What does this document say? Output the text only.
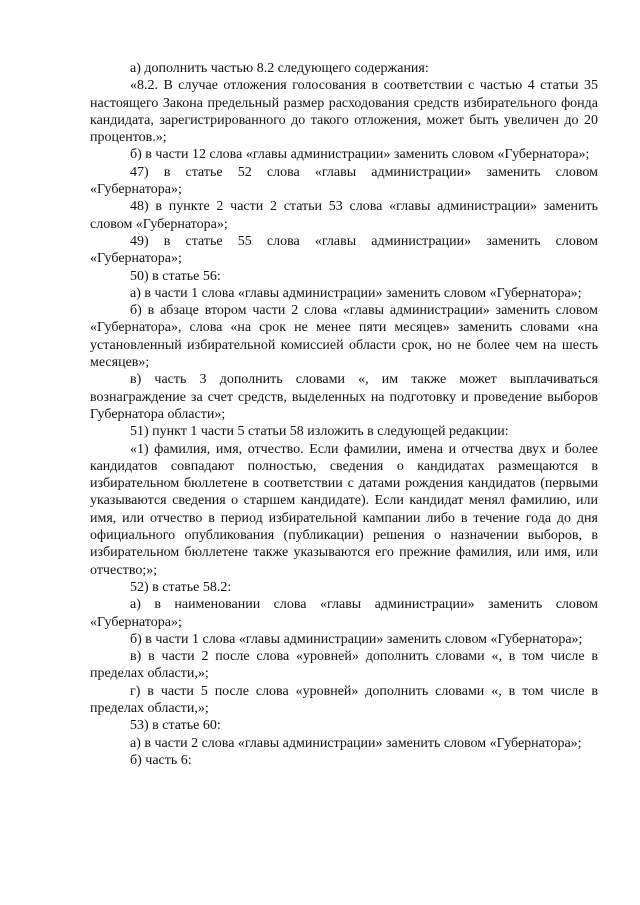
а) дополнить частью 8.2 следующего содержания:

«8.2. В случае отложения голосования в соответствии с частью 4 статьи 35 настоящего Закона предельный размер расходования средств избирательного фонда кандидата, зарегистрированного до такого отложения, может быть увеличен до 20 процентов.»;

б) в части 12 слова «главы администрации» заменить словом «Губернатора»;

47) в статье 52 слова «главы администрации» заменить словом «Губернатора»;

48) в пункте 2 части 2 статьи 53 слова «главы администрации» заменить словом «Губернатора»;

49) в статье 55 слова «главы администрации» заменить словом «Губернатора»;

50) в статье 56:

а) в части 1 слова «главы администрации» заменить словом «Губернатора»;

б) в абзаце втором части 2 слова «главы администрации» заменить словом «Губернатора», слова «на срок не менее пяти месяцев» заменить словами «на установленный избирательной комиссией области срок, но не более чем на шесть месяцев»;

в) часть 3 дополнить словами «, им также может выплачиваться вознаграждение за счет средств, выделенных на подготовку и проведение выборов Губернатора области»;

51) пункт 1 части 5 статьи 58 изложить в следующей редакции:

«1) фамилия, имя, отчество. Если фамилии, имена и отчества двух и более кандидатов совпадают полностью, сведения о кандидатах размещаются в избирательном бюллетене в соответствии с датами рождения кандидатов (первыми указываются сведения о старшем кандидате). Если кандидат менял фамилию, или имя, или отчество в период избирательной кампании либо в течение года до дня официального опубликования (публикации) решения о назначении выборов, в избирательном бюллетене также указываются его прежние фамилия, или имя, или отчество;»;

52) в статье 58.2:

а) в наименовании слова «главы администрации» заменить словом «Губернатора»;

б) в части 1 слова «главы администрации» заменить словом «Губернатора»;

в) в части 2 после слова «уровней» дополнить словами «, в том числе в пределах области,»;

г) в части 5 после слова «уровней» дополнить словами «, в том числе в пределах области,»;

53) в статье 60:

а) в части 2 слова «главы администрации» заменить словом «Губернатора»;

б) часть 6:
